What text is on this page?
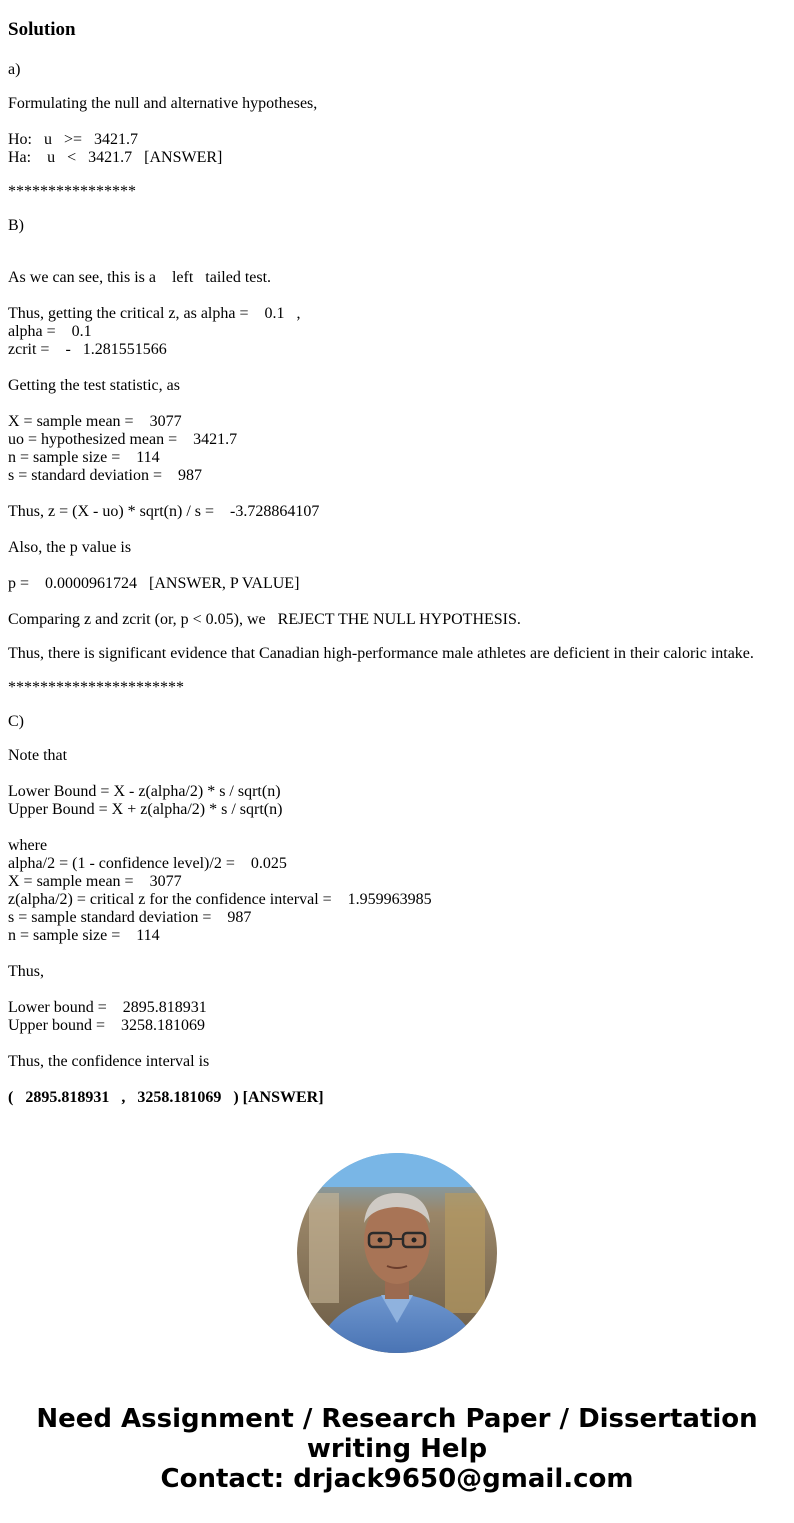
Solution
a)
Formulating the null and alternative hypotheses,
Ho:   u   >=   3421.7
Ha:    u   <   3421.7   [ANSWER]
****************
B)
As we can see, this is a    left   tailed test.
Thus, getting the critical z, as alpha =    0.1   ,
alpha =    0.1
zcrit =    -   1.281551566
Getting the test statistic, as
X = sample mean =    3077
uo = hypothesized mean =    3421.7
n = sample size =    114
s = standard deviation =    987
Thus, z = (X - uo) * sqrt(n) / s =    -3.728864107
Also, the p value is
p =    0.0000961724   [ANSWER, P VALUE]
Comparing z and zcrit (or, p < 0.05), we   REJECT THE NULL HYPOTHESIS.
Thus, there is significant evidence that Canadian high-performance male athletes are deficient in their caloric intake.
**********************
C)
Note that
Lower Bound = X - z(alpha/2) * s / sqrt(n)
Upper Bound = X + z(alpha/2) * s / sqrt(n)
where
alpha/2 = (1 - confidence level)/2 =    0.025
X = sample mean =    3077
z(alpha/2) = critical z for the confidence interval =    1.959963985
s = sample standard deviation =    987
n = sample size =    114
Thus,
Lower bound =    2895.818931
Upper bound =    3258.181069
Thus, the confidence interval is
(   2895.818931   ,   3258.181069   ) [ANSWER]
Need Assignment / Research Paper / Dissertation
writing Help
Contact: drjack9650@gmail.com
